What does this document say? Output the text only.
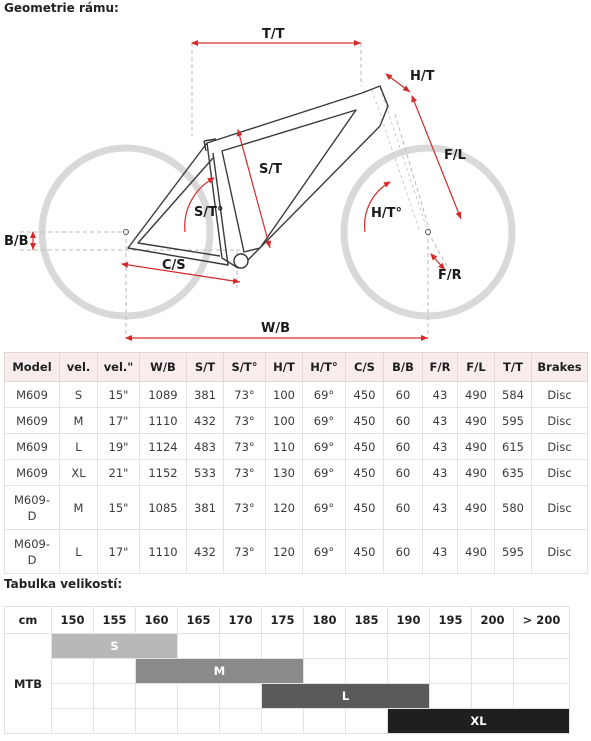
Geometrie rámu:
T/T
H/T
S/T
S/T°	H/T°
F/L
B/B
C/S
F/R
W/B
Model	vel.	vel."	W/B	S/T	S/T°	H/T	H/T°	C/S	B/B	F/R	F/L	T/T	Brakes
M609	S	15"	1089	381	73°	100	69°	450	60	43	490	584	Disc
M609	M	17"	1110	432	73°	100	69°	450	60	43	490	595	Disc
M609	L	19"	1124	483	73°	110	69°	450	60	43	490	615	Disc
M609	XL	21"	1152	533	73°	130	69°	450	60	43	490	635	Disc
M609-
D	M	15"	1085	381	73°	120	69°	450	60	43	490	580	Disc
M609-
D	L	17"	1110	432	73°	120	69°	450	60	43	490	595	Disc
Tabulka velikostí:
cm	150	155	160	165	170	175	180	185	190	195	200	> 200
MTB	S											
			M									
						L						
									XL			
